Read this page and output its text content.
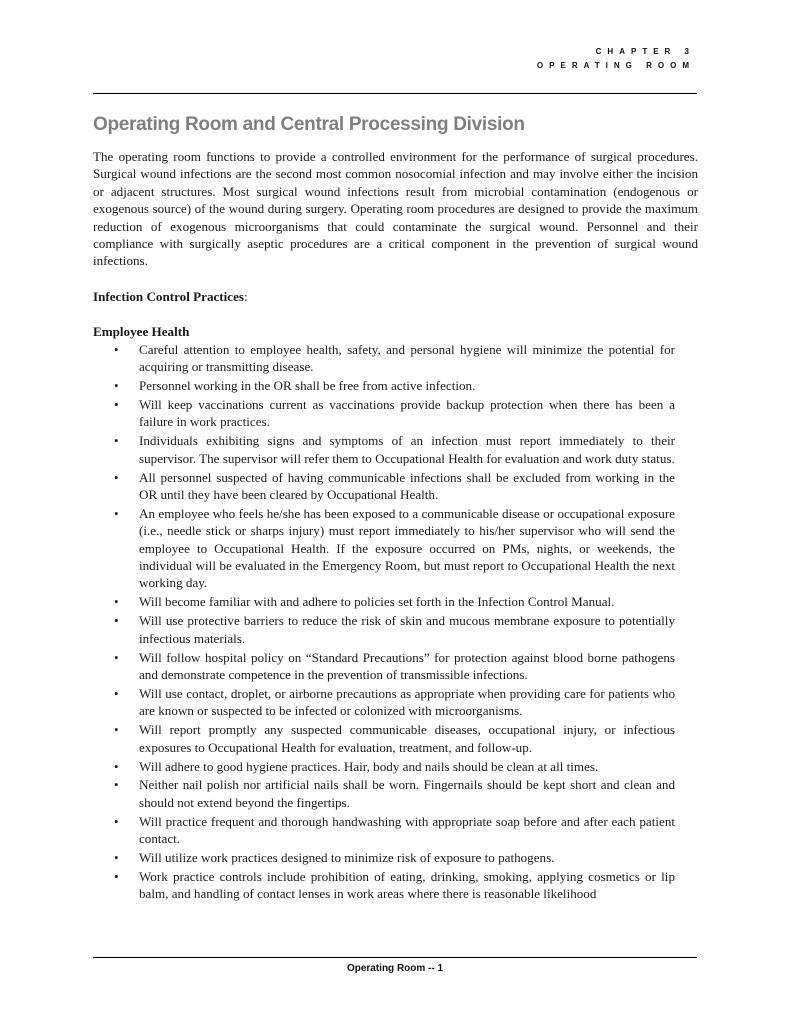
CHAPTER 3
OPERATING ROOM
Operating Room and Central Processing Division

The operating room functions to provide a controlled environment for the performance of surgical procedures. Surgical wound infections are the second most common nosocomial infection and may involve either the incision or adjacent structures. Most surgical wound infections result from microbial contamination (endogenous or exogenous source) of the wound during surgery. Operating room procedures are designed to provide the maximum reduction of exogenous microorganisms that could contaminate the surgical wound. Personnel and their compliance with surgically aseptic procedures are a critical component in the prevention of surgical wound infections.

Infection Control Practices:

Employee Health

• Careful attention to employee health, safety, and personal hygiene will minimize the potential for acquiring or transmitting disease.
• Personnel working in the OR shall be free from active infection.
• Will keep vaccinations current as vaccinations provide backup protection when there has been a failure in work practices.
• Individuals exhibiting signs and symptoms of an infection must report immediately to their supervisor. The supervisor will refer them to Occupational Health for evaluation and work duty status.
• All personnel suspected of having communicable infections shall be excluded from working in the OR until they have been cleared by Occupational Health.
• An employee who feels he/she has been exposed to a communicable disease or occupational exposure (i.e., needle stick or sharps injury) must report immediately to his/her supervisor who will send the employee to Occupational Health. If the exposure occurred on PMs, nights, or weekends, the individual will be evaluated in the Emergency Room, but must report to Occupational Health the next working day.
• Will become familiar with and adhere to policies set forth in the Infection Control Manual.
• Will use protective barriers to reduce the risk of skin and mucous membrane exposure to potentially infectious materials.
• Will follow hospital policy on “Standard Precautions” for protection against blood borne pathogens and demonstrate competence in the prevention of transmissible infections.
• Will use contact, droplet, or airborne precautions as appropriate when providing care for patients who are known or suspected to be infected or colonized with microorganisms.
• Will report promptly any suspected communicable diseases, occupational injury, or infectious exposures to Occupational Health for evaluation, treatment, and follow-up.
• Will adhere to good hygiene practices. Hair, body and nails should be clean at all times.
• Neither nail polish nor artificial nails shall be worn. Fingernails should be kept short and clean and should not extend beyond the fingertips.
• Will practice frequent and thorough handwashing with appropriate soap before and after each patient contact.
• Will utilize work practices designed to minimize risk of exposure to pathogens.
• Work practice controls include prohibition of eating, drinking, smoking, applying cosmetics or lip balm, and handling of contact lenses in work areas where there is reasonable likelihood
Operating Room -- 1
